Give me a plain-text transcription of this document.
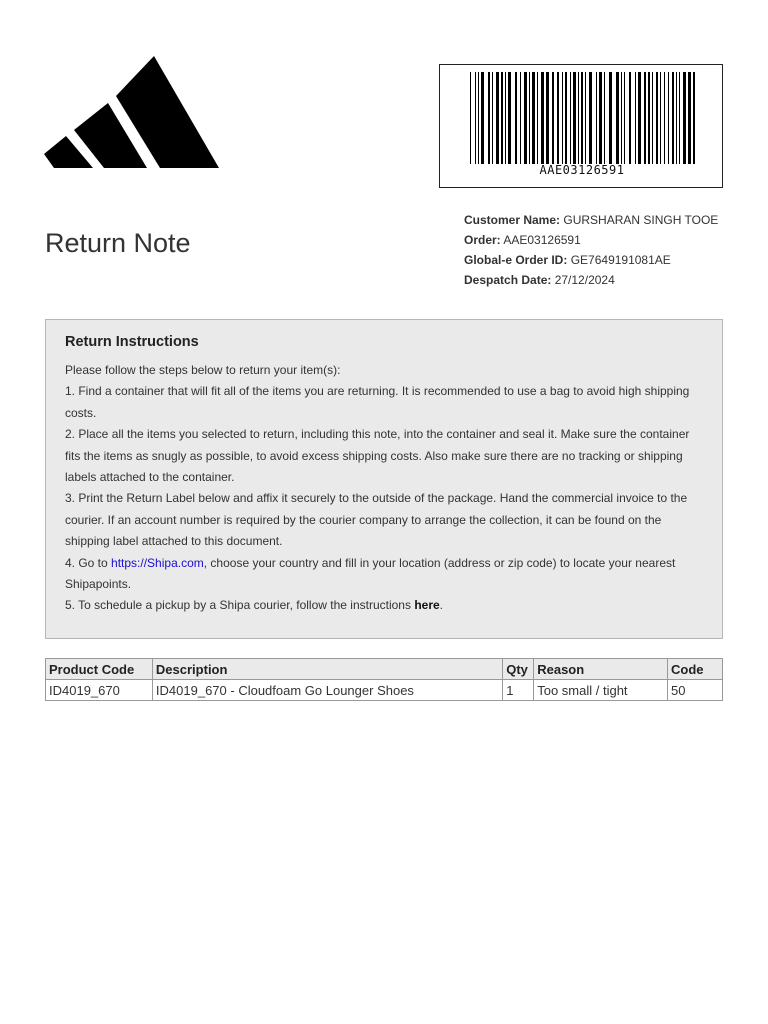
AAE03126591
Return Note
Customer Name: GURSHARAN SINGH TOOE
Order: AAE03126591
Global-e Order ID: GE7649191081AE
Despatch Date: 27/12/2024
Return Instructions

Please follow the steps below to return your item(s):

1. Find a container that will fit all of the items you are returning. It is recommended to use a bag to avoid high shipping costs.

2. Place all the items you selected to return, including this note, into the container and seal it. Make sure the container fits the items as snugly as possible, to avoid excess shipping costs. Also make sure there are no tracking or shipping labels attached to the container.

3. Print the Return Label below and affix it securely to the outside of the package. Hand the commercial invoice to the courier. If an account number is required by the courier company to arrange the collection, it can be found on the shipping label attached to this document.

4. Go to https://Shipa.com, choose your country and fill in your location (address or zip code) to locate your nearest Shipapoints.

5. To schedule a pickup by a Shipa courier, follow the instructions here.

Product Code	Description	Qty	Reason	Code
ID4019_670	ID4019_670 - Cloudfoam Go Lounger Shoes	1	Too small / tight	50
